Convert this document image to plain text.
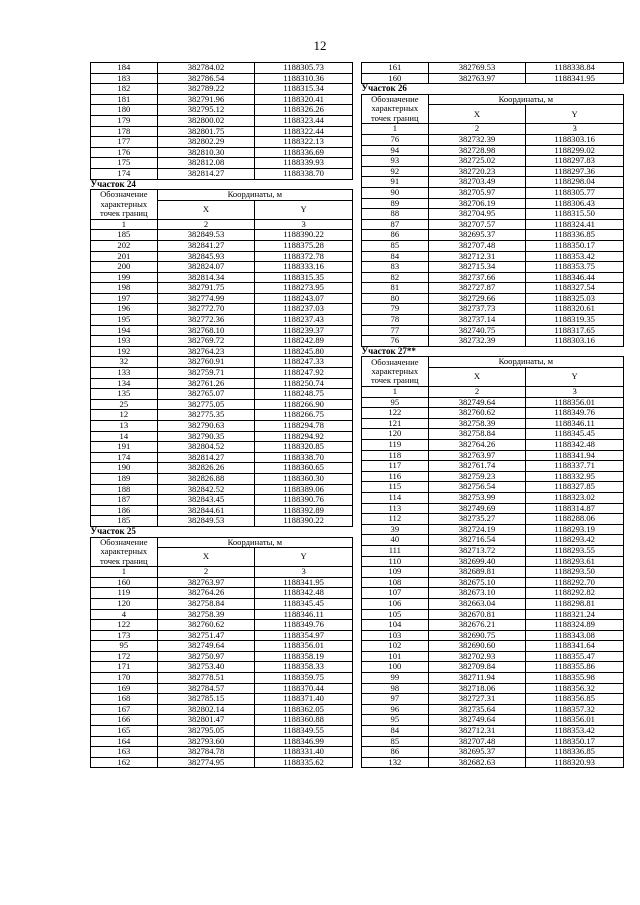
12
184	382784.02	1188305.73
183	382786.54	1188310.36
182	382789.22	1188315.34
181	382791.96	1188320.41
180	382795.12	1188326.26
179	382800.02	1188323.44
178	382801.75	1188322.44
177	382802.29	1188322.13
176	382810.30	1188336.69
175	382812.08	1188339.93
174	382814.27	1188338.70
Участок 24		
Обозначение характерных точек границ	Координаты, м	
	X	Y
1	2	3
185	382849.53	1188390.22
202	382841.27	1188375.28
201	382845.93	1188372.78
200	382824.07	1188333.16
199	382814.34	1188315.35
198	382791.75	1188273.95
197	382774.99	1188243.07
196	382772.70	1188237.03
195	382772.36	1188237.43
194	382768.10	1188239.37
193	382769.72	1188242.89
192	382764.23	1188245.80
32	382760.91	1188247.33
133	382759.71	1188247.92
134	382761.26	1188250.74
135	382765.07	1188248.75
25	382775.05	1188266.90
12	382775.35	1188266.75
13	382790.63	1188294.78
14	382790.35	1188294.92
191	382804.52	1188320.85
174	382814.27	1188338.70
190	382826.26	1188360.65
189	382826.88	1188360.30
188	382842.52	1188389.06
187	382843.45	1188390.76
186	382844.61	1188392.89
185	382849.53	1188390.22
Участок 25		
Обозначение характерных точек границ	Координаты, м	
	X	Y
1	2	3
160	382763.97	1188341.95
119	382764.26	1188342.48
120	382758.84	1188345.45
4	382758.39	1188346.11
122	382760.62	1188349.76
173	382751.47	1188354.97
95	382749.64	1188356.01
172	382750.97	1188358.19
171	382753.40	1188358.33
170	382778.51	1188359.75
169	382784.57	1188370.44
168	382785.15	1188371.40
167	382802.14	1188362.05
166	382801.47	1188360.88
165	382795.05	1188349.55
164	382793.60	1188346.99
163	382784.78	1188331.40
162	382774.95	1188335.62
161	382769.53	1188338.84
160	382763.97	1188341.95
Участок 26		
Обозначение характерных точек границ	Координаты, м	
	X	Y
1	2	3
76	382732.39	1188303.16
94	382728.98	1188299.02
93	382725.02	1188297.83
92	382720.23	1188297.36
91	382703.49	1188298.04
90	382705.97	1188305.77
89	382706.19	1188306.43
88	382704.95	1188315.50
87	382707.57	1188324.41
86	382695.37	1188336.85
85	382707.48	1188350.17
84	382712.31	1188353.42
83	382715.34	1188353.75
82	382737.66	1188346.44
81	382727.87	1188327.54
80	382729.66	1188325.03
79	382737.73	1188320.61
78	382737.14	1188319.35
77	382740.75	1188317.65
76	382732.39	1188303.16
Участок 27**		
Обозначение характерных точек границ	Координаты, м	
	X	Y
1	2	3
95	382749.64	1188356.01
122	382760.62	1188349.76
121	382758.39	1188346.11
120	382758.84	1188345.45
119	382764.26	1188342.48
118	382763.97	1188341.94
117	382761.74	1188337.71
116	382759.23	1188332.95
115	382756.54	1188327.85
114	382753.99	1188323.02
113	382749.69	1188314.87
112	382735.27	1188288.06
39	382724.19	1188293.19
40	382716.54	1188293.42
111	382713.72	1188293.55
110	382699.40	1188293.61
109	382689.81	1188293.50
108	382675.10	1188292.70
107	382673.10	1188292.82
106	382663.04	1188298.81
105	382670.81	1188321.24
104	382676.21	1188324.89
103	382690.75	1188343.08
102	382690.60	1188341.64
101	382702.93	1188355.47
100	382709.84	1188355.86
99	382711.94	1188355.98
98	382718.06	1188356.32
97	382727.31	1188356.85
96	382735.64	1188357.32
95	382749.64	1188356.01
84	382712.31	1188353.42
85	382707.48	1188350.17
86	382695.37	1188336.85
132	382682.63	1188320.93
